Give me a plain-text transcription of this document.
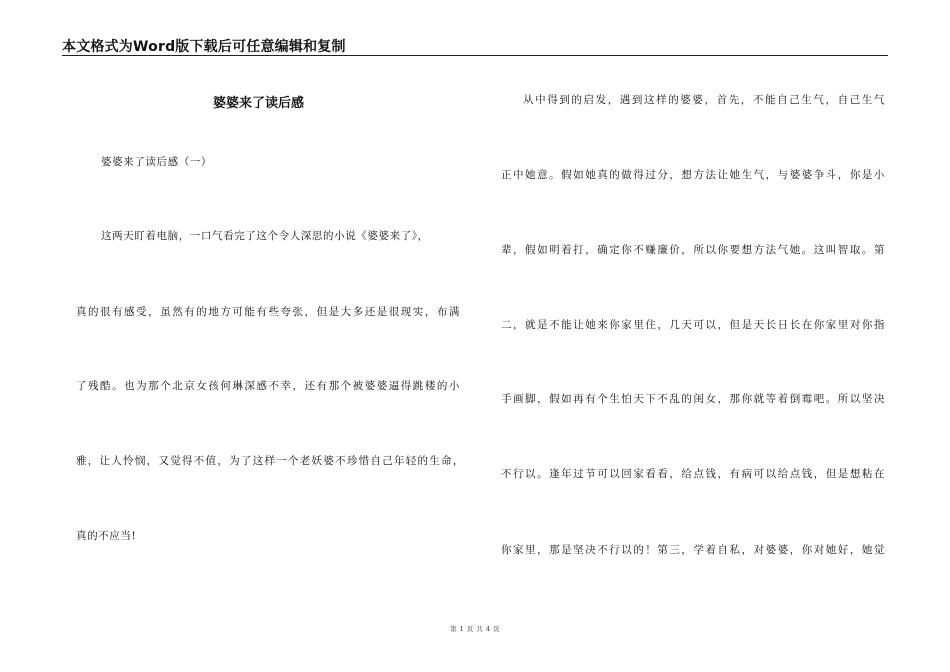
本文格式为Word版下载后可任意编辑和复制
婆婆来了读后感
婆婆来了读后感（一）
这两天盯着电脑，一口气看完了这个令人深思的小说《婆婆来了》，
真的很有感受，虽然有的地方可能有些夸张，但是大多还是很现实，布满
了残酷。也为那个北京女孩何琳深感不幸，还有那个被婆婆逼得跳楼的小
雅，让人怜悯，又觉得不值，为了这样一个老妖婆不珍惜自己年轻的生命，
真的不应当!
从中得到的启发，遇到这样的婆婆，首先，不能自己生气，自己生气
正中她意。假如她真的做得过分，想方法让她生气，与婆婆争斗，你是小
辈，假如明着打，确定你不赚廉价，所以你要想方法气她。这叫智取。第
二，就是不能让她来你家里住，几天可以，但是天长日长在你家里对你指
手画脚，假如再有个生怕天下不乱的闺女，那你就等着倒霉吧。所以坚决
不行以。逢年过节可以回家看看，给点钱，有病可以给点钱，但是想粘在
你家里，那是坚决不行以的！第三，学着自私，对婆婆，你对她好，她觉
第 1 页 共 4 页
